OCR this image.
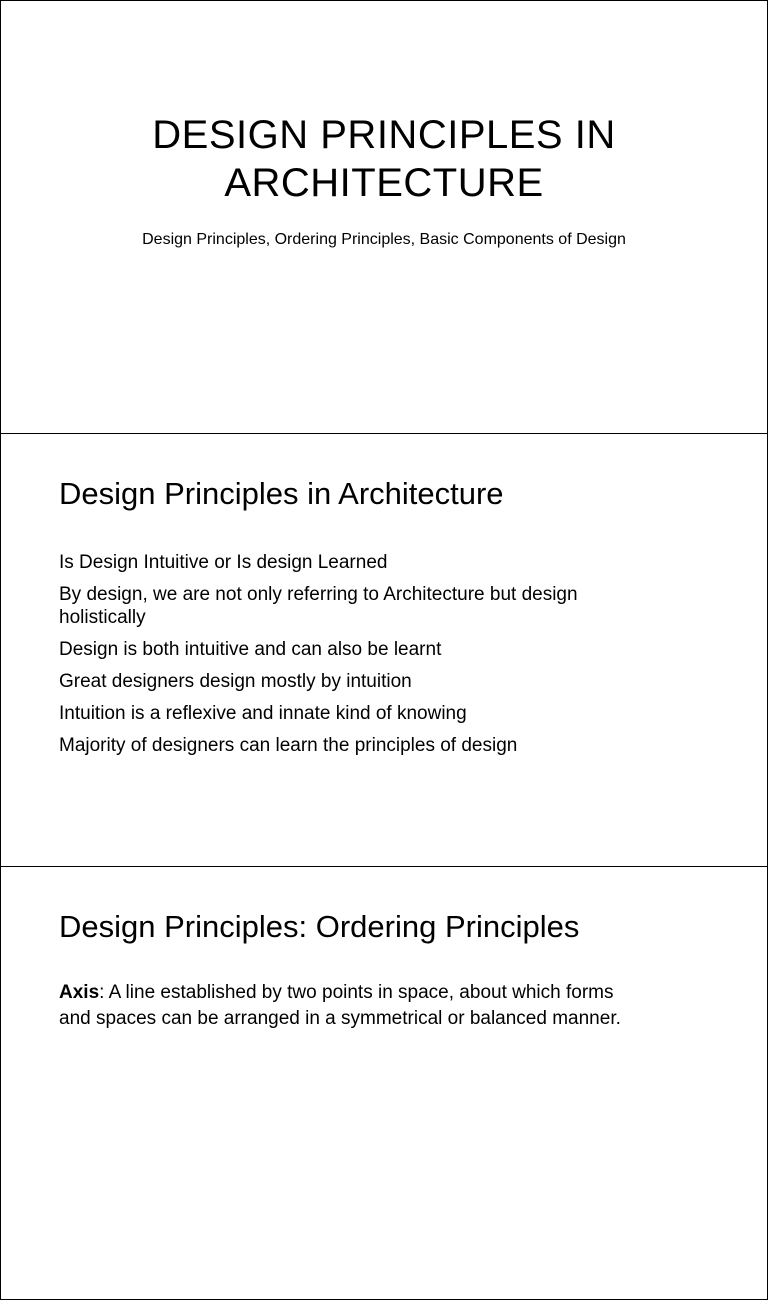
DESIGN PRINCIPLES IN ARCHITECTURE

Design Principles, Ordering Principles, Basic Components of Design

Design Principles in Architecture
Is Design Intuitive or Is design Learned
By design, we are not only referring to Architecture but design holistically
Design is both intuitive and can also be learnt
Great designers design mostly by intuition
Intuition is a reflexive and innate kind of knowing
Majority of designers can learn the principles of design
Design Principles: Ordering Principles

Axis: A line established by two points in space, about which forms and spaces can be arranged in a symmetrical or balanced manner.
